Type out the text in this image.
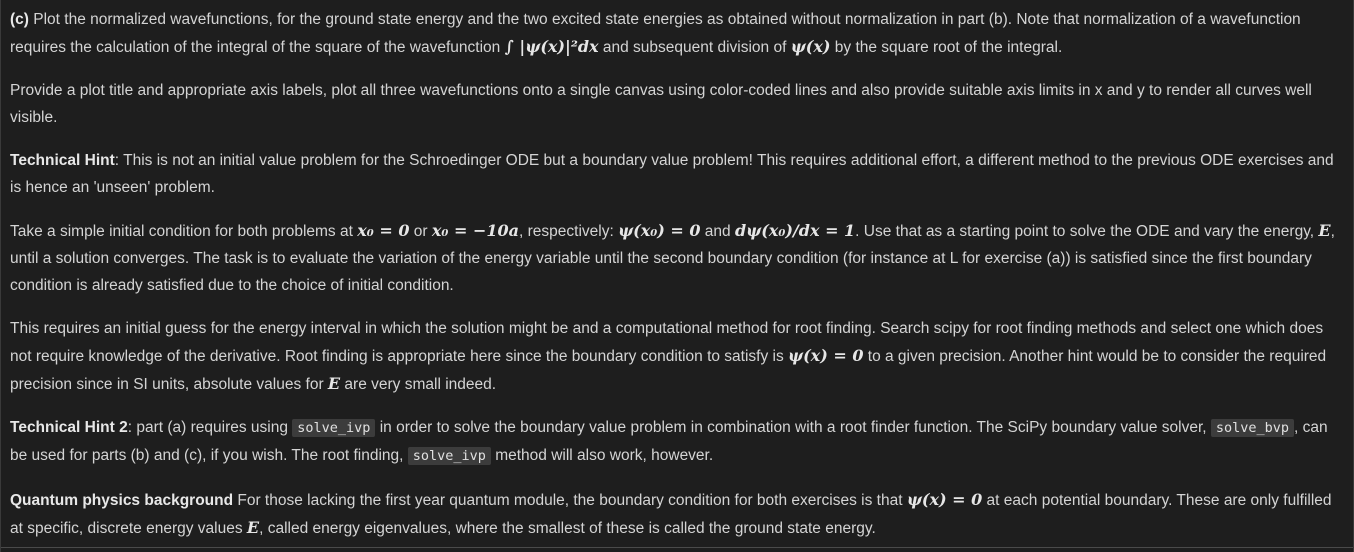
(c) Plot the normalized wavefunctions, for the ground state energy and the two excited state energies as obtained without normalization in part (b). Note that normalization of a wavefunction requires the calculation of the integral of the square of the wavefunction ∫ |ψ(x)|²dx and subsequent division of ψ(x) by the square root of the integral.

Provide a plot title and appropriate axis labels, plot all three wavefunctions onto a single canvas using color-coded lines and also provide suitable axis limits in x and y to render all curves well visible.

Technical Hint: This is not an initial value problem for the Schroedinger ODE but a boundary value problem! This requires additional effort, a different method to the previous ODE exercises and is hence an 'unseen' problem.

Take a simple initial condition for both problems at x₀ = 0 or x₀ = −10a, respectively: ψ(x₀) = 0 and dψ(x₀)/dx = 1. Use that as a starting point to solve the ODE and vary the energy, E, until a solution converges. The task is to evaluate the variation of the energy variable until the second boundary condition (for instance at L for exercise (a)) is satisfied since the first boundary condition is already satisfied due to the choice of initial condition.

This requires an initial guess for the energy interval in which the solution might be and a computational method for root finding. Search scipy for root finding methods and select one which does not require knowledge of the derivative. Root finding is appropriate here since the boundary condition to satisfy is ψ(x) = 0 to a given precision. Another hint would be to consider the required precision since in SI units, absolute values for E are very small indeed.

Technical Hint 2: part (a) requires using solve_ivp in order to solve the boundary value problem in combination with a root finder function. The SciPy boundary value solver, solve_bvp , can be used for parts (b) and (c), if you wish. The root finding, solve_ivp method will also work, however.

Quantum physics background For those lacking the first year quantum module, the boundary condition for both exercises is that ψ(x) = 0 at each potential boundary. These are only fulfilled at specific, discrete energy values E, called energy eigenvalues, where the smallest of these is called the ground state energy.
